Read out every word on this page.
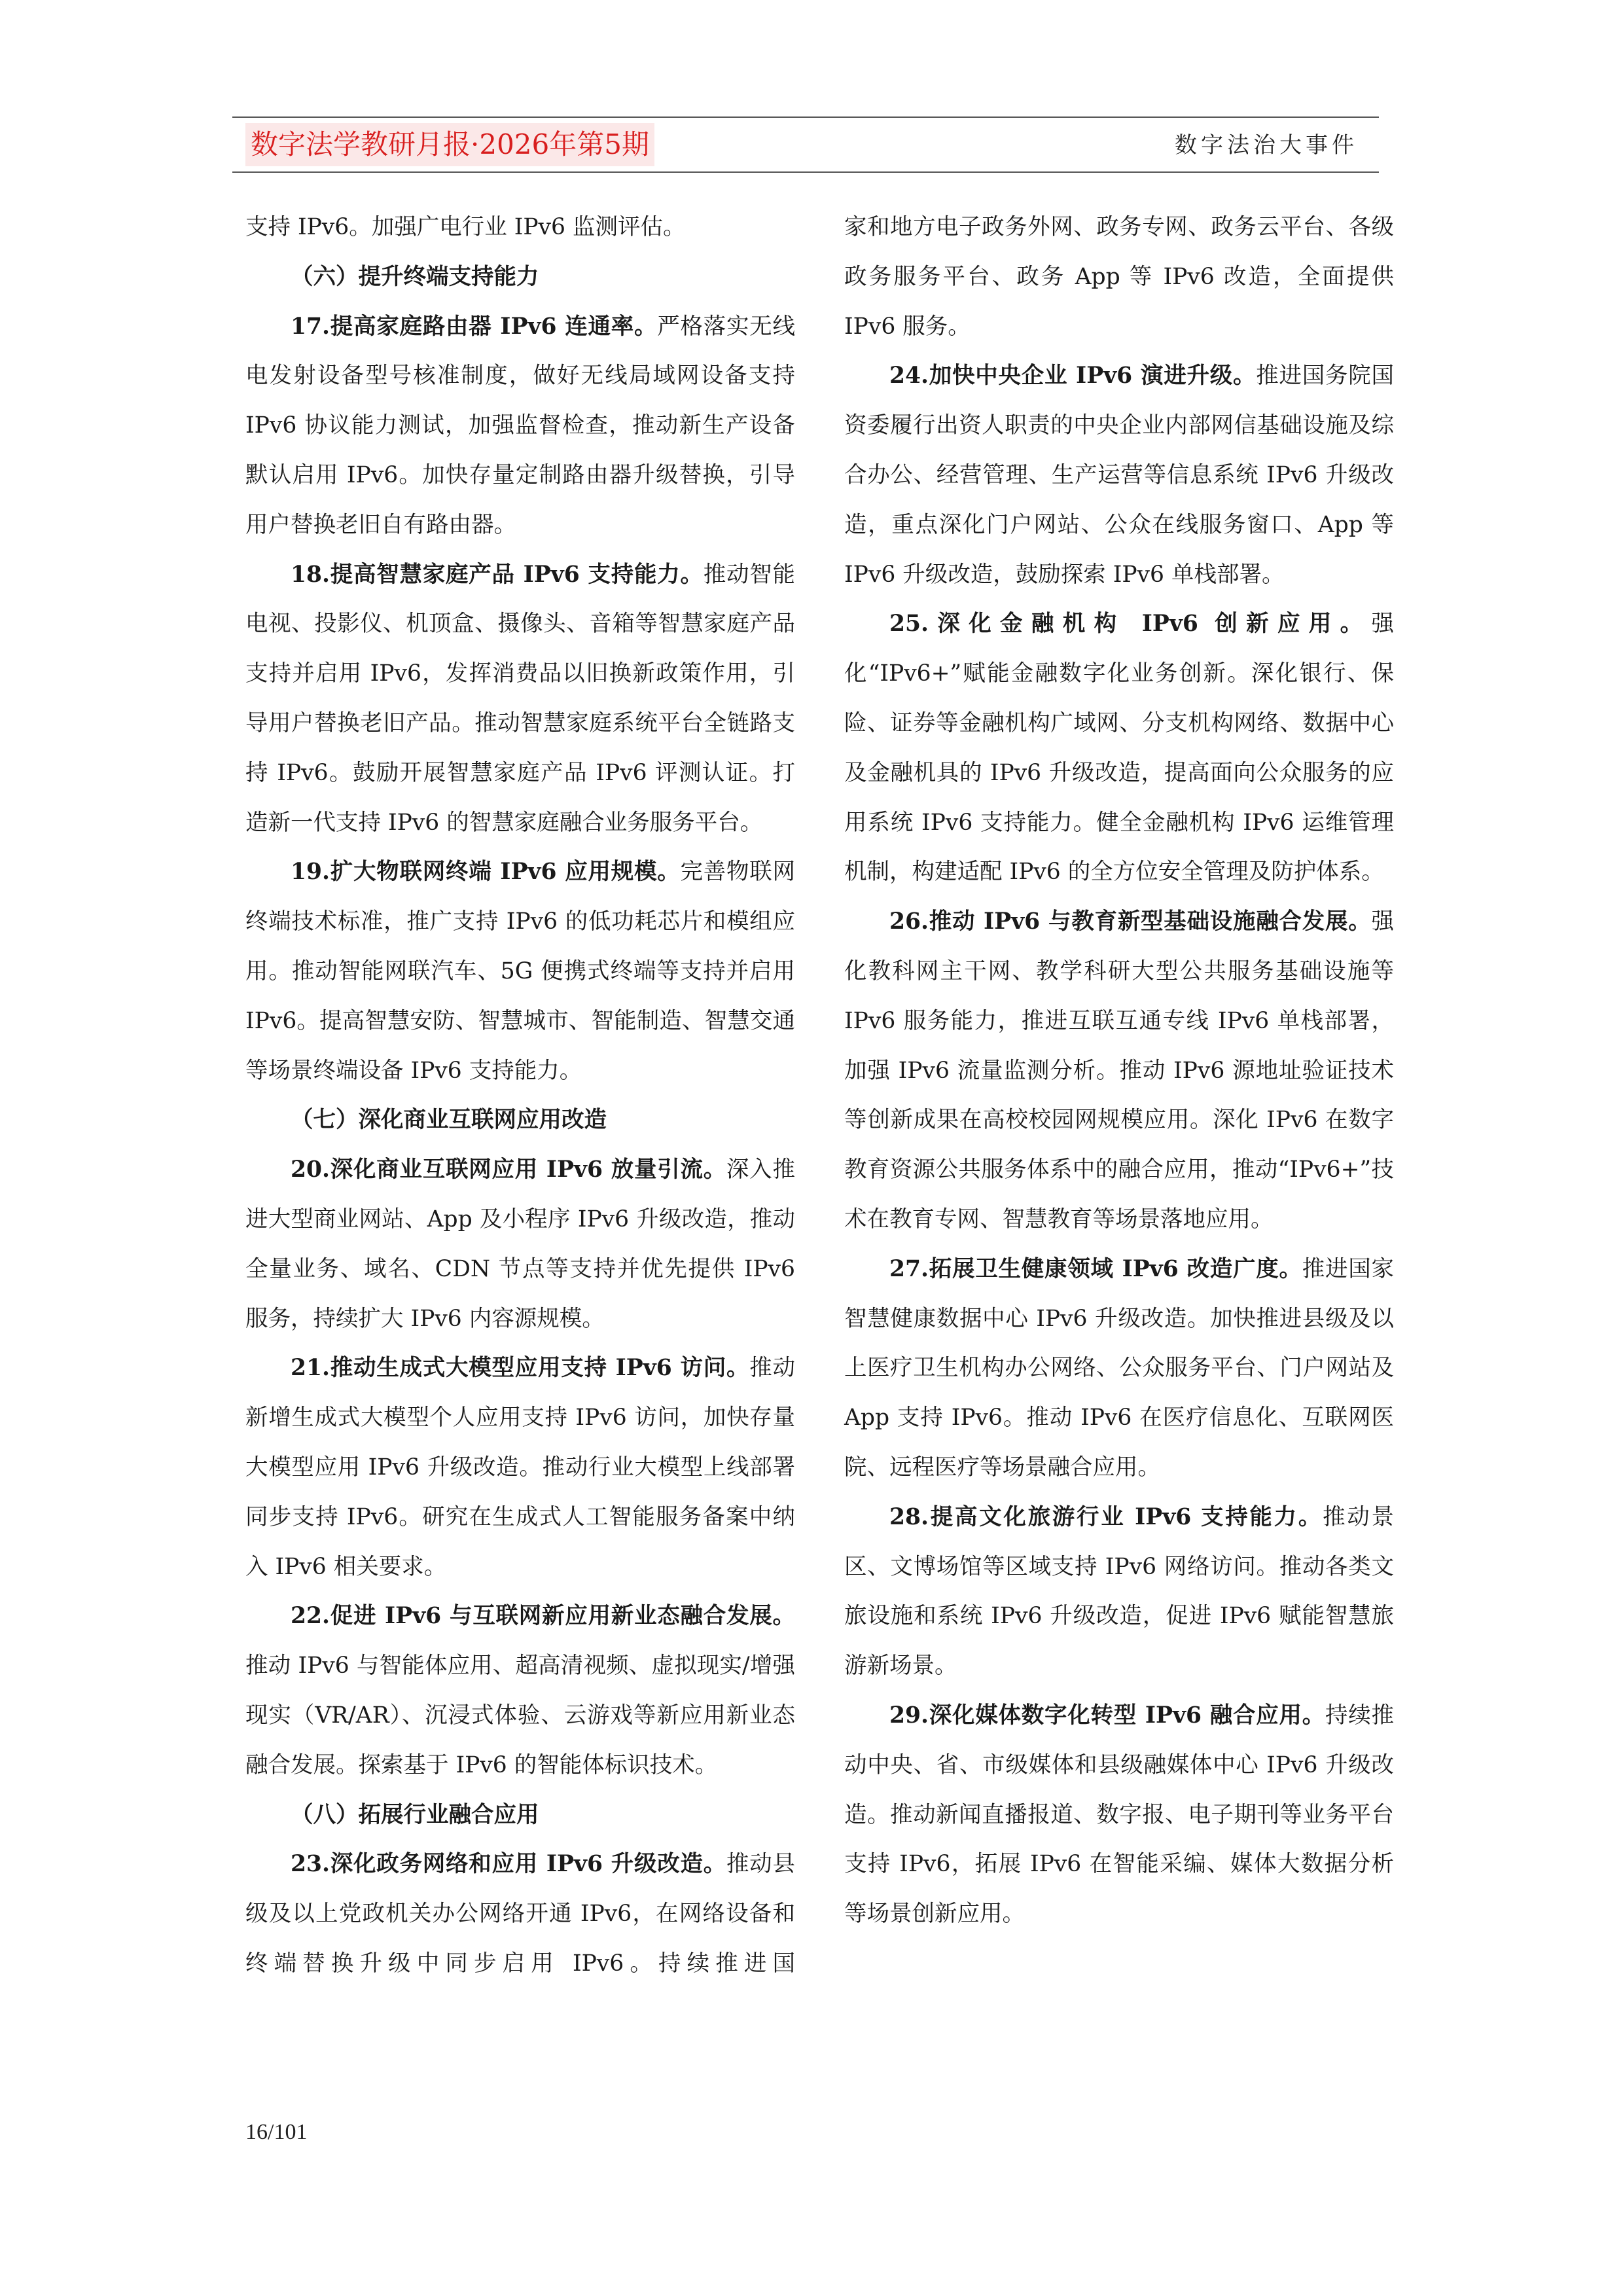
数字法学教研月报·2026年第5期	数字法治大事件

支持 IPv6。加强广电行业 IPv6 监测评估。

（六）提升终端支持能力

17.提高家庭路由器 IPv6 连通率。严格落实无线电发射设备型号核准制度，做好无线局域网设备支持 IPv6 协议能力测试，加强监督检查，推动新生产设备默认启用 IPv6。加快存量定制路由器升级替换，引导用户替换老旧自有路由器。

18.提高智慧家庭产品 IPv6 支持能力。推动智能电视、投影仪、机顶盒、摄像头、音箱等智慧家庭产品支持并启用 IPv6，发挥消费品以旧换新政策作用，引导用户替换老旧产品。推动智慧家庭系统平台全链路支持 IPv6。鼓励开展智慧家庭产品 IPv6 评测认证。打造新一代支持 IPv6 的智慧家庭融合业务服务平台。

19.扩大物联网终端 IPv6 应用规模。完善物联网终端技术标准，推广支持 IPv6 的低功耗芯片和模组应用。推动智能网联汽车、5G 便携式终端等支持并启用 IPv6。提高智慧安防、智慧城市、智能制造、智慧交通等场景终端设备 IPv6 支持能力。

（七）深化商业互联网应用改造

20.深化商业互联网应用 IPv6 放量引流。深入推进大型商业网站、App 及小程序 IPv6 升级改造，推动全量业务、域名、CDN 节点等支持并优先提供 IPv6 服务，持续扩大 IPv6 内容源规模。

21.推动生成式大模型应用支持 IPv6 访问。推动新增生成式大模型个人应用支持 IPv6 访问，加快存量大模型应用 IPv6 升级改造。推动行业大模型上线部署同步支持 IPv6。研究在生成式人工智能服务备案中纳入 IPv6 相关要求。

22.促进 IPv6 与互联网新应用新业态融合发展。推动 IPv6 与智能体应用、超高清视频、虚拟现实/增强现实（VR/AR）、沉浸式体验、云游戏等新应用新业态融合发展。探索基于 IPv6 的智能体标识技术。

（八）拓展行业融合应用

23.深化政务网络和应用 IPv6 升级改造。推动县级及以上党政机关办公网络开通 IPv6，在网络设备和终端替换升级中同步启用 IPv6。持续推进国

家和地方电子政务外网、政务专网、政务云平台、各级政务服务平台、政务 App 等 IPv6 改造，全面提供 IPv6 服务。

24.加快中央企业 IPv6 演进升级。推进国务院国资委履行出资人职责的中央企业内部网信基础设施及综合办公、经营管理、生产运营等信息系统 IPv6 升级改造，重点深化门户网站、公众在线服务窗口、App 等 IPv6 升级改造，鼓励探索 IPv6 单栈部署。

25.深化金融机构 IPv6 创新应用。强化“IPv6+”赋能金融数字化业务创新。深化银行、保险、证券等金融机构广域网、分支机构网络、数据中心及金融机具的 IPv6 升级改造，提高面向公众服务的应用系统 IPv6 支持能力。健全金融机构 IPv6 运维管理机制，构建适配 IPv6 的全方位安全管理及防护体系。

26.推动 IPv6 与教育新型基础设施融合发展。强化教科网主干网、教学科研大型公共服务基础设施等 IPv6 服务能力，推进互联互通专线 IPv6 单栈部署，加强 IPv6 流量监测分析。推动 IPv6 源地址验证技术等创新成果在高校校园网规模应用。深化 IPv6 在数字教育资源公共服务体系中的融合应用，推动“IPv6+”技术在教育专网、智慧教育等场景落地应用。

27.拓展卫生健康领域 IPv6 改造广度。推进国家智慧健康数据中心 IPv6 升级改造。加快推进县级及以上医疗卫生机构办公网络、公众服务平台、门户网站及 App 支持 IPv6。推动 IPv6 在医疗信息化、互联网医院、远程医疗等场景融合应用。

28.提高文化旅游行业 IPv6 支持能力。推动景区、文博场馆等区域支持 IPv6 网络访问。推动各类文旅设施和系统 IPv6 升级改造，促进 IPv6 赋能智慧旅游新场景。

29.深化媒体数字化转型 IPv6 融合应用。持续推动中央、省、市级媒体和县级融媒体中心 IPv6 升级改造。推动新闻直播报道、数字报、电子期刊等业务平台支持 IPv6，拓展 IPv6 在智能采编、媒体大数据分析等场景创新应用。

16/101
